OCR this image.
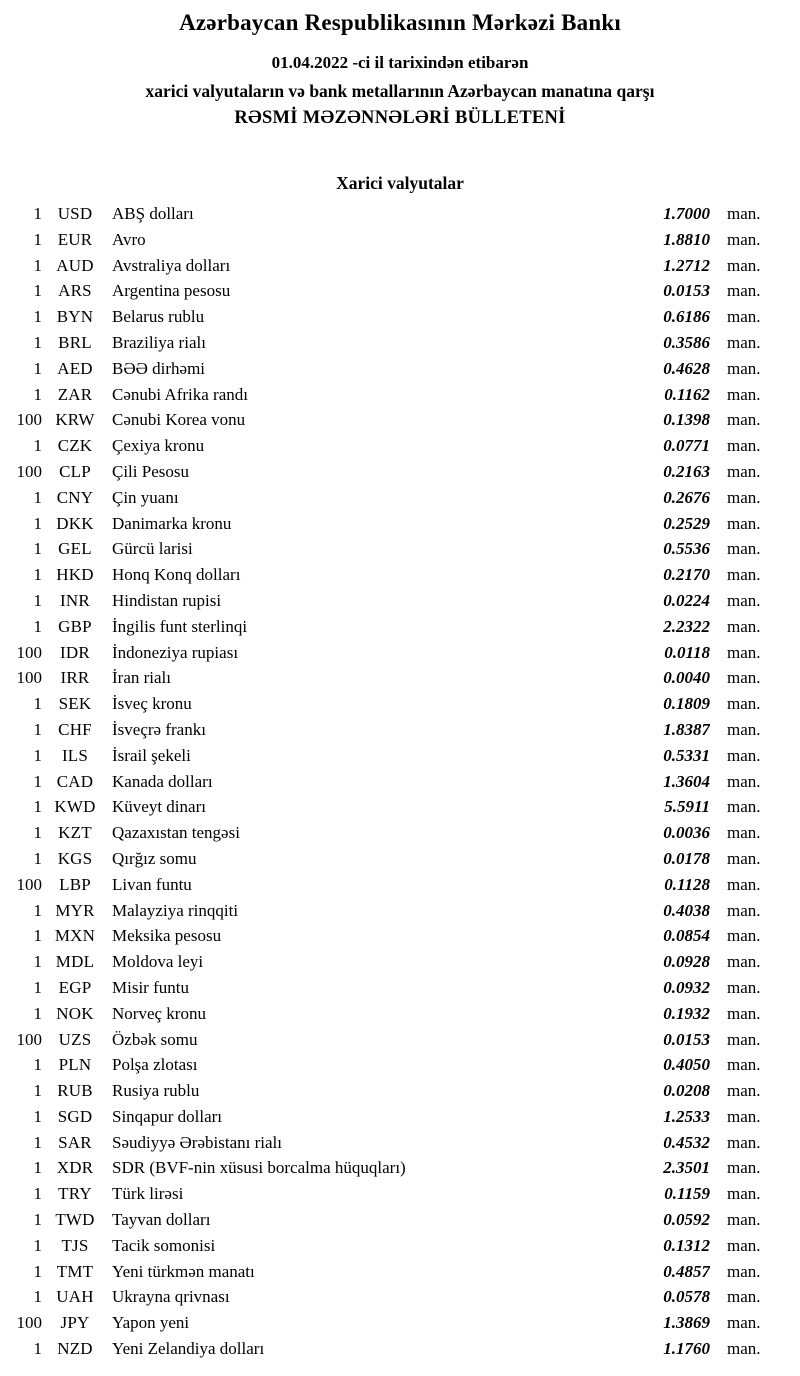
Azərbaycan Respublikasının Mərkəzi Bankı
01.04.2022 -ci il tarixindən etibarən
xarici valyutaların və bank metallarının Azərbaycan manatına qarşı
RƏSMİ MƏZƏNNƏLƏRİ BÜLLETENİ
Xarici valyutalar
1 USD	ABŞ dolları	1.7000	man.
1 EUR	Avro	1.8810	man.
1 AUD	Avstraliya dolları	1.2712	man.
1 ARS	Argentina pesosu	0.0153	man.
1 BYN	Belarus rublu	0.6186	man.
1 BRL	Braziliya rialı	0.3586	man.
1 AED	BƏƏ dirhəmi	0.4628	man.
1 ZAR	Cənubi Afrika randı	0.1162	man.
100 KRW	Cənubi Korea vonu	0.1398	man.
1 CZK	Çexiya kronu	0.0771	man.
100	CLP	Çili Pesosu	0.2163	man.
1 CNY	Çin yuanı	0.2676	man.
1 DKK	Danimarka kronu	0.2529	man.
1 GEL	Gürcü larisi	0.5536	man.
1 HKD	Honq Konq dolları	0.2170	man.
1	INR	Hindistan rupisi	0.0224	man.
1 GBP	İngilis funt sterlinqi	2.2322	man.
100	IDR	İndoneziya rupiası	0.0118	man.
100	IRR	İran rialı	0.0040	man.
1 SEK	İsveç kronu	0.1809	man.
1 CHF	İsveçrə frankı	1.8387	man.
1	ILS	İsrail şekeli	0.5331	man.
1 CAD	Kanada dolları	1.3604	man.
1 KWD Küveyt dinarı	5.5911	man.
1 KZT	Qazaxıstan tengəsi	0.0036	man.
1 KGS	Qırğız somu	0.0178	man.
100	LBP	Livan funtu	0.1128	man.
1 MYR	Malayziya rinqqiti	0.4038	man.
1 MXN Meksika pesosu	0.0854	man.
1 MDL	Moldova leyi	0.0928	man.
1 EGP	Misir funtu	0.0932	man.
1 NOK	Norveç kronu	0.1932	man.
100 UZS	Özbək somu	0.0153	man.
1 PLN	Polşa zlotası	0.4050	man.
1 RUB	Rusiya rublu	0.0208	man.
1 SGD	Sinqapur dolları	1.2533	man.
1 SAR	Səudiyyə Ərəbistanı rialı	0.4532	man.
1 XDR	SDR (BVF-nin xüsusi borcalma hüquqları)	2.3501	man.
1 TRY	Türk lirəsi	0.1159	man.
1 TWD	Tayvan dolları	0.0592	man.
1	TJS	Tacik somonisi	0.1312	man.
1 TMT	Yeni türkmən manatı	0.4857	man.
1 UAH	Ukrayna qrivnası	0.0578	man.
100	JPY	Yapon yeni	1.3869	man.
1 NZD	Yeni Zelandiya dolları	1.1760	man.
